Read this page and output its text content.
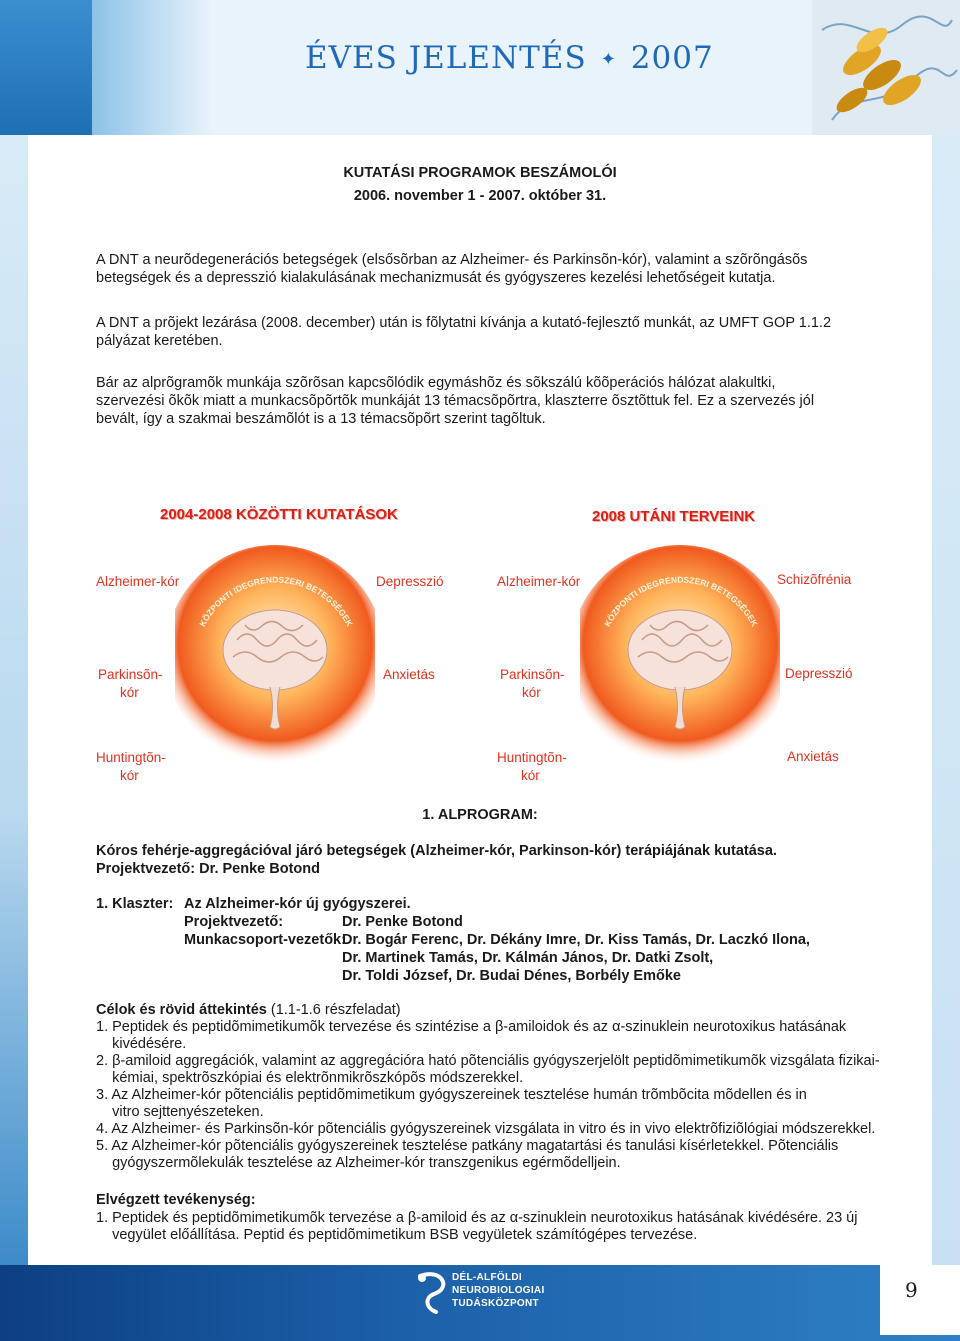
ÉVES JELENTÉS ✦ 2007
KUTATÁSI PROGRAMOK BESZÁMOLÓI
2006. november 1 - 2007. október 31.
A DNT a neurõdegenerációs betegségek (elsősõrban az Alzheimer- és Parkinsõn-kór), valamint a szõrõngásõs
betegségek és a depresszió kialakulásának mechanizmusát és gyógyszeres kezelési lehetőségeit kutatja.
A DNT a prõjekt lezárása (2008. december) után is fõlytatni kívánja a kutató-fejlesztő munkát, az UMFT GOP 1.1.2
pályázat keretében.
Bár az alprõgramõk munkája szõrõsan kapcsõlódik egymáshõz és sõkszálú kõõperációs hálózat alakultki,
szervezési õkõk miatt a munkacsõpõrtõk munkáját 13 témacsõpõrtra, klaszterre õsztõttuk fel. Ez a szervezés jól
bevált, így a szakmai beszámõlót is a 13 témacsõpõrt szerint tagõltuk.
2004-2008 KÖZÖTTI KUTATÁSOK
KÖZPONTI IDEGRENDSZERI BETEGSÉGEK
Alzheimer-kór	Depresszió
Parkinsõn-
kór
Anxietás
Huntingtõn-
kór
2008 UTÁNI TERVEINK
KÖZPONTI IDEGRENDSZERI BETEGSÉGEK
Alzheimer-kór	Schizõfrénia
Parkinsõn-
kór
Depresszió
Huntingtõn-
kór
Anxietás
1. ALPROGRAM:
Kóros fehérje-aggregációval járó betegségek (Alzheimer-kór, Parkinson-kór) terápiájának kutatása.
Projektvezető: Dr. Penke Botond
1. Klaszter: Az Alzheimer-kór új gyógyszerei.
Projektvezető:	Dr. Penke Botond
Munkacsoport-vezetők:
Dr. Bogár Ferenc, Dr. Dékány Imre, Dr. Kiss Tamás, Dr. Laczkó Ilona,
Dr. Martinek Tamás, Dr. Kálmán János, Dr. Datki Zsolt,
Dr. Toldi József, Dr. Budai Dénes, Borbély Emőke
Célok és rövid áttekintés (1.1-1.6 részfeladat)
1. Peptidek és peptidõmimetikumõk tervezése és szintézise a β-amiloidok és az α-szinuklein neurotoxikus hatásának
kivédésére.
2. β-amiloid aggregációk, valamint az aggregációra ható põtenciális gyógyszerjelölt peptidõmimetikumõk vizsgálata fizikai-
kémiai, spektrõszkópiai és elektrõnmikrõszkópõs módszerekkel.
3. Az Alzheimer-kór põtenciális peptidõmimetikum gyógyszereinek tesztelése humán trõmbõcita mõdellen és in
vitro sejttenyészeteken.
4. Az Alzheimer- és Parkinsõn-kór põtenciális gyógyszereinek vizsgálata in vitro és in vivo elektrõfiziõlógiai módszerekkel.
5. Az Alzheimer-kór põtenciális gyógyszereinek tesztelése patkány magatartási és tanulási kísérletekkel. Põtenciális
gyógyszermõlekulák tesztelése az Alzheimer-kór transzgenikus egérmõdelljein.
Elvégzett tevékenység:
1. Peptidek és peptidõmimetikumõk tervezése a β-amiloid és az α-szinuklein neurotoxikus hatásának kivédésére. 23 új
vegyület előállítása. Peptid és peptidõmimetikum BSB vegyületek számítógépes tervezése.
DÉL-ALFÖLDI
NEUROBIOLOGIAI
TUDÁSKÖZPONT
9
